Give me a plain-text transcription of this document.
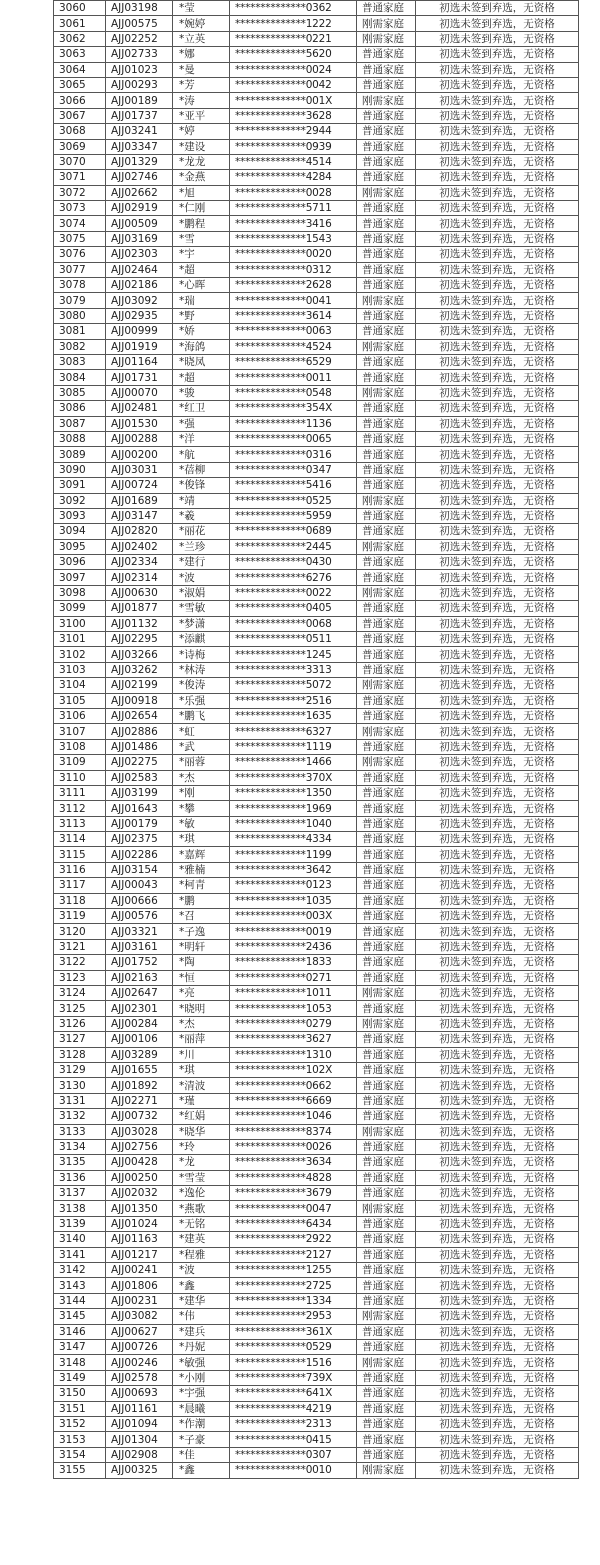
3060	AJJ03198	*莹	**************0362	普通家庭	初选未签到弃选，无资格
3061	AJJ00575	*婉婷	**************1222	刚需家庭	初选未签到弃选，无资格
3062	AJJ02252	*立英	**************0221	刚需家庭	初选未签到弃选，无资格
3063	AJJ02733	*娜	**************5620	普通家庭	初选未签到弃选，无资格
3064	AJJ01023	*曼	**************0024	普通家庭	初选未签到弃选，无资格
3065	AJJ00293	*芳	**************0042	普通家庭	初选未签到弃选，无资格
3066	AJJ00189	*涛	**************001X	刚需家庭	初选未签到弃选，无资格
3067	AJJ01737	*亚平	**************3628	普通家庭	初选未签到弃选，无资格
3068	AJJ03241	*婷	**************2944	普通家庭	初选未签到弃选，无资格
3069	AJJ03347	*建设	**************0939	普通家庭	初选未签到弃选，无资格
3070	AJJ01329	*龙龙	**************4514	普通家庭	初选未签到弃选，无资格
3071	AJJ02746	*金燕	**************4284	普通家庭	初选未签到弃选，无资格
3072	AJJ02662	*旭	**************0028	刚需家庭	初选未签到弃选，无资格
3073	AJJ02919	*仁刚	**************5711	普通家庭	初选未签到弃选，无资格
3074	AJJ00509	*鹏程	**************3416	普通家庭	初选未签到弃选，无资格
3075	AJJ03169	*雪	**************1543	普通家庭	初选未签到弃选，无资格
3076	AJJ02303	*宇	**************0020	普通家庭	初选未签到弃选，无资格
3077	AJJ02464	*超	**************0312	普通家庭	初选未签到弃选，无资格
3078	AJJ02186	*心晖	**************2628	普通家庭	初选未签到弃选，无资格
3079	AJJ03092	*瑞	**************0041	刚需家庭	初选未签到弃选，无资格
3080	AJJ02935	*野	**************3614	普通家庭	初选未签到弃选，无资格
3081	AJJ00999	*娇	**************0063	普通家庭	初选未签到弃选，无资格
3082	AJJ01919	*海鸽	**************4524	刚需家庭	初选未签到弃选，无资格
3083	AJJ01164	*晓凤	**************6529	普通家庭	初选未签到弃选，无资格
3084	AJJ01731	*超	**************0011	普通家庭	初选未签到弃选，无资格
3085	AJJ00070	*骏	**************0548	刚需家庭	初选未签到弃选，无资格
3086	AJJ02481	*红卫	**************354X	普通家庭	初选未签到弃选，无资格
3087	AJJ01530	*强	**************1136	普通家庭	初选未签到弃选，无资格
3088	AJJ00288	*洋	**************0065	普通家庭	初选未签到弃选，无资格
3089	AJJ00200	*航	**************0316	普通家庭	初选未签到弃选，无资格
3090	AJJ03031	*蓓柳	**************0347	普通家庭	初选未签到弃选，无资格
3091	AJJ00724	*俊锋	**************5416	普通家庭	初选未签到弃选，无资格
3092	AJJ01689	*靖	**************0525	刚需家庭	初选未签到弃选，无资格
3093	AJJ03147	*羲	**************5959	普通家庭	初选未签到弃选，无资格
3094	AJJ02820	*丽花	**************0689	普通家庭	初选未签到弃选，无资格
3095	AJJ02402	*兰珍	**************2445	刚需家庭	初选未签到弃选，无资格
3096	AJJ02334	*建行	**************0430	普通家庭	初选未签到弃选，无资格
3097	AJJ02314	*波	**************6276	普通家庭	初选未签到弃选，无资格
3098	AJJ00630	*淑娟	**************0022	刚需家庭	初选未签到弃选，无资格
3099	AJJ01877	*雪敏	**************0405	普通家庭	初选未签到弃选，无资格
3100	AJJ01132	*梦潇	**************0068	普通家庭	初选未签到弃选，无资格
3101	AJJ02295	*添麒	**************0511	普通家庭	初选未签到弃选，无资格
3102	AJJ03266	*诗梅	**************1245	普通家庭	初选未签到弃选，无资格
3103	AJJ03262	*林涛	**************3313	普通家庭	初选未签到弃选，无资格
3104	AJJ02199	*俊涛	**************5072	刚需家庭	初选未签到弃选，无资格
3105	AJJ00918	*乐强	**************2516	普通家庭	初选未签到弃选，无资格
3106	AJJ02654	*鹏飞	**************1635	普通家庭	初选未签到弃选，无资格
3107	AJJ02886	*虹	**************6327	刚需家庭	初选未签到弃选，无资格
3108	AJJ01486	*武	**************1119	普通家庭	初选未签到弃选，无资格
3109	AJJ02275	*丽蓉	**************1466	刚需家庭	初选未签到弃选，无资格
3110	AJJ02583	*杰	**************370X	普通家庭	初选未签到弃选，无资格
3111	AJJ03199	*刚	**************1350	普通家庭	初选未签到弃选，无资格
3112	AJJ01643	*攀	**************1969	普通家庭	初选未签到弃选，无资格
3113	AJJ00179	*敏	**************1040	普通家庭	初选未签到弃选，无资格
3114	AJJ02375	*琪	**************4334	普通家庭	初选未签到弃选，无资格
3115	AJJ02286	*嘉辉	**************1199	普通家庭	初选未签到弃选，无资格
3116	AJJ03154	*雅楠	**************3642	普通家庭	初选未签到弃选，无资格
3117	AJJ00043	*柯青	**************0123	普通家庭	初选未签到弃选，无资格
3118	AJJ00666	*鹏	**************1035	普通家庭	初选未签到弃选，无资格
3119	AJJ00576	*召	**************003X	普通家庭	初选未签到弃选，无资格
3120	AJJ03321	*子逸	**************0019	普通家庭	初选未签到弃选，无资格
3121	AJJ03161	*明轩	**************2436	普通家庭	初选未签到弃选，无资格
3122	AJJ01752	*陶	**************1833	普通家庭	初选未签到弃选，无资格
3123	AJJ02163	*恒	**************0271	普通家庭	初选未签到弃选，无资格
3124	AJJ02647	*亮	**************1011	刚需家庭	初选未签到弃选，无资格
3125	AJJ02301	*晓明	**************1053	普通家庭	初选未签到弃选，无资格
3126	AJJ00284	*杰	**************0279	刚需家庭	初选未签到弃选，无资格
3127	AJJ00106	*丽萍	**************3627	普通家庭	初选未签到弃选，无资格
3128	AJJ03289	*川	**************1310	普通家庭	初选未签到弃选，无资格
3129	AJJ01655	*琪	**************102X	普通家庭	初选未签到弃选，无资格
3130	AJJ01892	*清波	**************0662	普通家庭	初选未签到弃选，无资格
3131	AJJ02271	*瑾	**************6669	普通家庭	初选未签到弃选，无资格
3132	AJJ00732	*红娟	**************1046	普通家庭	初选未签到弃选，无资格
3133	AJJ03028	*晓华	**************8374	刚需家庭	初选未签到弃选，无资格
3134	AJJ02756	*玲	**************0026	普通家庭	初选未签到弃选，无资格
3135	AJJ00428	*龙	**************3634	普通家庭	初选未签到弃选，无资格
3136	AJJ00250	*雪莹	**************4828	普通家庭	初选未签到弃选，无资格
3137	AJJ02032	*逸伦	**************3679	普通家庭	初选未签到弃选，无资格
3138	AJJ01350	*燕歌	**************0047	刚需家庭	初选未签到弃选，无资格
3139	AJJ01024	*无铭	**************6434	普通家庭	初选未签到弃选，无资格
3140	AJJ01163	*建英	**************2922	普通家庭	初选未签到弃选，无资格
3141	AJJ01217	*程雅	**************2127	普通家庭	初选未签到弃选，无资格
3142	AJJ00241	*波	**************1255	普通家庭	初选未签到弃选，无资格
3143	AJJ01806	*鑫	**************2725	普通家庭	初选未签到弃选，无资格
3144	AJJ00231	*建华	**************1334	普通家庭	初选未签到弃选，无资格
3145	AJJ03082	*伟	**************2953	刚需家庭	初选未签到弃选，无资格
3146	AJJ00627	*建兵	**************361X	普通家庭	初选未签到弃选，无资格
3147	AJJ00726	*丹妮	**************0529	普通家庭	初选未签到弃选，无资格
3148	AJJ00246	*敏强	**************1516	刚需家庭	初选未签到弃选，无资格
3149	AJJ02578	*小刚	**************739X	普通家庭	初选未签到弃选，无资格
3150	AJJ00693	*宇强	**************641X	普通家庭	初选未签到弃选，无资格
3151	AJJ01161	*晨曦	**************4219	普通家庭	初选未签到弃选，无资格
3152	AJJ01094	*作潮	**************2313	普通家庭	初选未签到弃选，无资格
3153	AJJ01304	*子豪	**************0415	普通家庭	初选未签到弃选，无资格
3154	AJJ02908	*佳	**************0307	普通家庭	初选未签到弃选，无资格
3155	AJJ00325	*鑫	**************0010	刚需家庭	初选未签到弃选，无资格
